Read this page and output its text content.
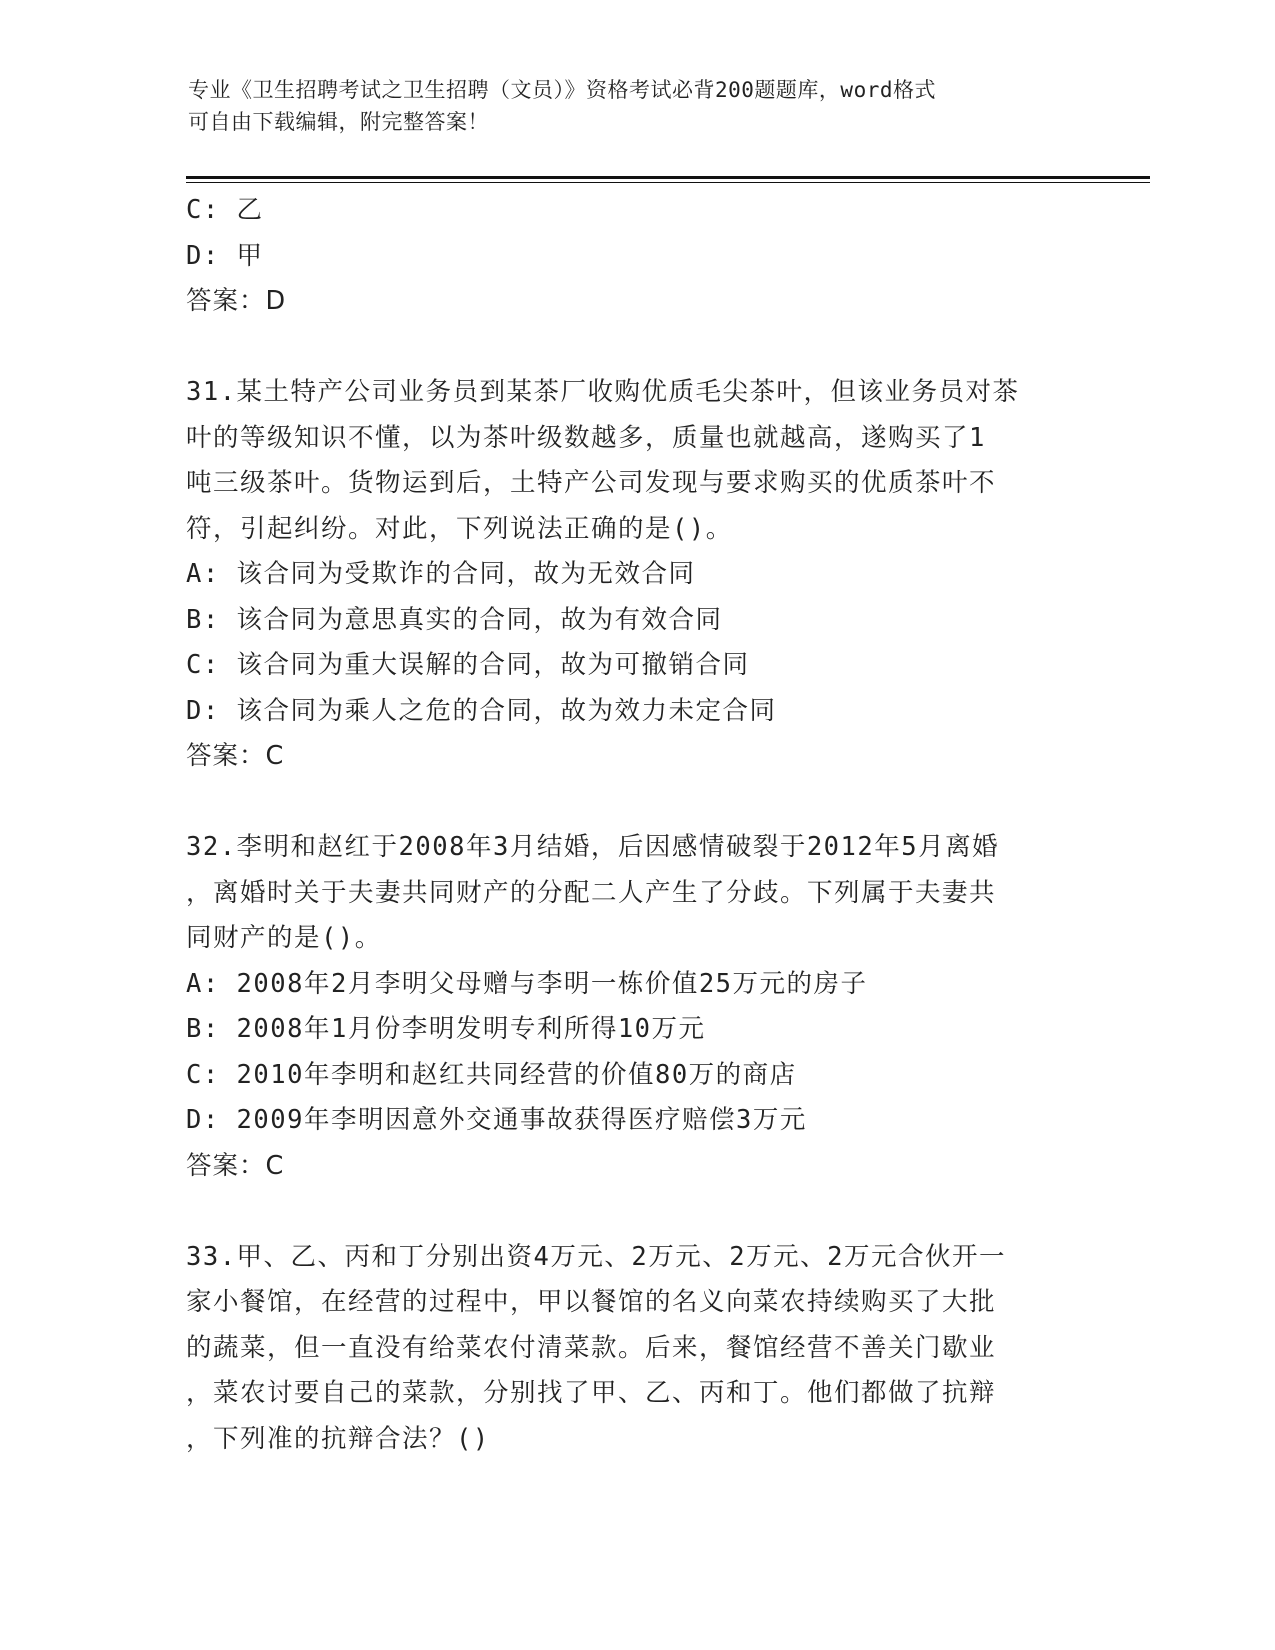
专业《卫生招聘考试之卫生招聘（文员）》资格考试必背200题题库，word格式
可自由下载编辑，附完整答案！
C: 乙
D: 甲
答案：D
31.某土特产公司业务员到某茶厂收购优质毛尖茶叶，但该业务员对茶
叶的等级知识不懂，以为茶叶级数越多，质量也就越高，遂购买了1
吨三级茶叶。货物运到后，土特产公司发现与要求购买的优质茶叶不
符，引起纠纷。对此，下列说法正确的是()。
A: 该合同为受欺诈的合同，故为无效合同
B: 该合同为意思真实的合同，故为有效合同
C: 该合同为重大误解的合同，故为可撤销合同
D: 该合同为乘人之危的合同，故为效力未定合同
答案：C
32.李明和赵红于2008年3月结婚，后因感情破裂于2012年5月离婚
，离婚时关于夫妻共同财产的分配二人产生了分歧。下列属于夫妻共
同财产的是()。
A: 2008年2月李明父母赠与李明一栋价值25万元的房子
B: 2008年1月份李明发明专利所得10万元
C: 2010年李明和赵红共同经营的价值80万的商店
D: 2009年李明因意外交通事故获得医疗赔偿3万元
答案：C
33.甲、乙、丙和丁分别出资4万元、2万元、2万元、2万元合伙开一
家小餐馆，在经营的过程中，甲以餐馆的名义向菜农持续购买了大批
的蔬菜，但一直没有给菜农付清菜款。后来，餐馆经营不善关门歇业
，菜农讨要自己的菜款，分别找了甲、乙、丙和丁。他们都做了抗辩
，下列准的抗辩合法？()
